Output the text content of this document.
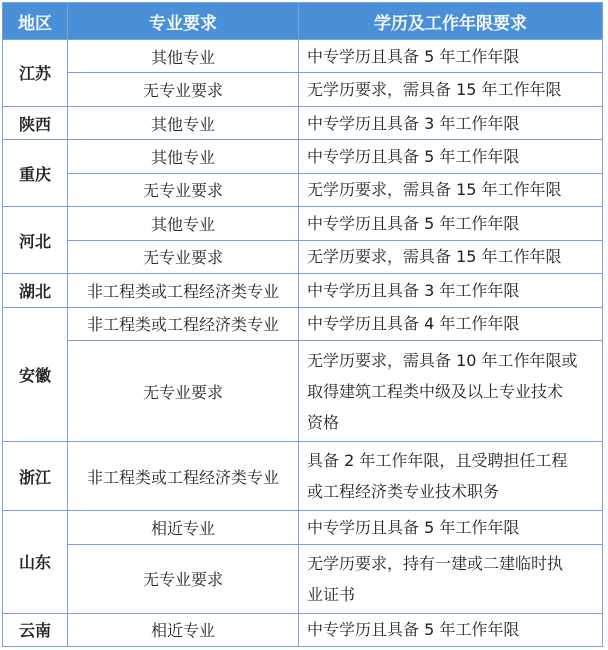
地区	专业要求	学历及工作年限要求
江苏	其他专业	中专学历且具备 5 年工作年限
	无专业要求	无学历要求，需具备 15 年工作年限
陕西	其他专业	中专学历且具备 3 年工作年限
重庆	其他专业	中专学历且具备 5 年工作年限
	无专业要求	无学历要求，需具备 15 年工作年限
河北	其他专业	中专学历且具备 5 年工作年限
	无专业要求	无学历要求，需具备 15 年工作年限
湖北	非工程类或工程经济类专业	中专学历且具备 3 年工作年限
安徽	非工程类或工程经济类专业	中专学历且具备 4 年工作年限
	无专业要求	无学历要求，需具备 10 年工作年限或
取得建筑工程类中级及以上专业技术
资格

浙江	非工程类或工程经济类专业	具备 2 年工作年限，且受聘担任工程
或工程经济类专业技术职务

山东	相近专业	中专学历且具备 5 年工作年限
	无专业要求	无学历要求，持有一建或二建临时执
业证书

云南	相近专业	中专学历且具备 5 年工作年限
